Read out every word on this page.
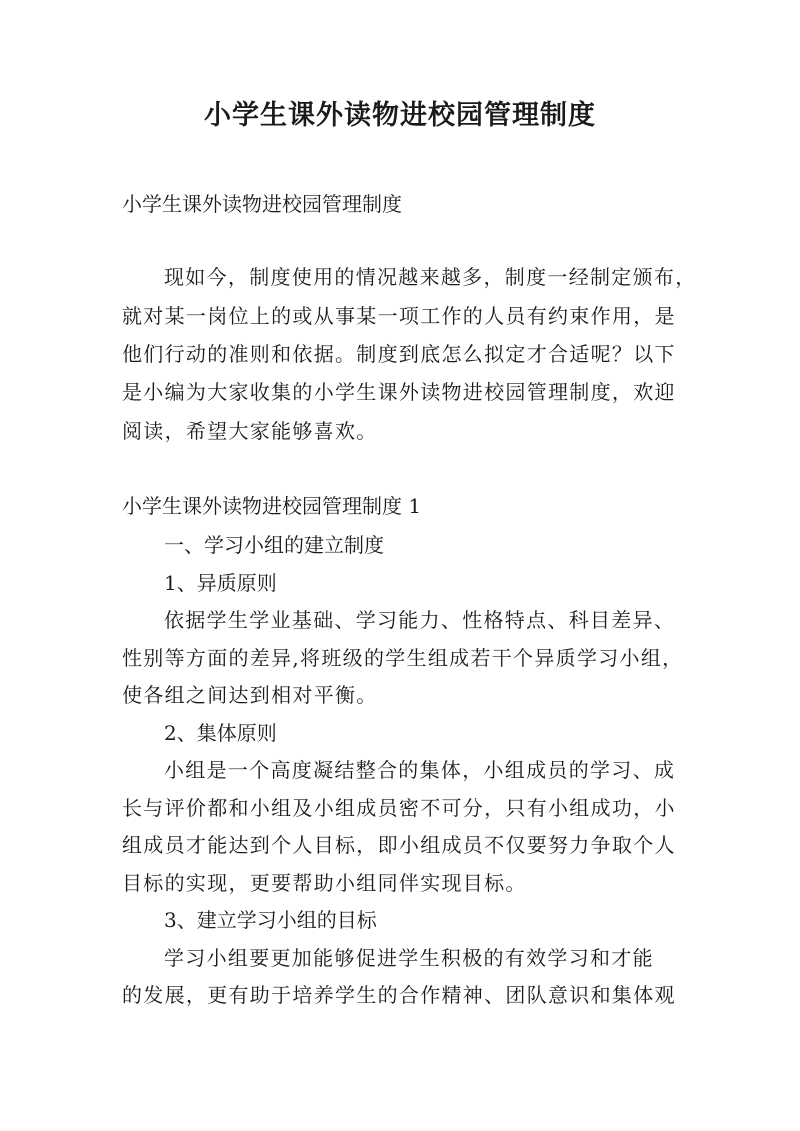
小学生课外读物进校园管理制度

小学生课外读物进校园管理制度

现如今，制度使用的情况越来越多，制度一经制定颁布，

就对某一岗位上的或从事某一项工作的人员有约束作用，是

他们行动的准则和依据。制度到底怎么拟定才合适呢？以下

是小编为大家收集的小学生课外读物进校园管理制度，欢迎

阅读，希望大家能够喜欢。

小学生课外读物进校园管理制度 1

一、学习小组的建立制度

1、异质原则

依据学生学业基础、学习能力、性格特点、科目差异、

性别等方面的差异,将班级的学生组成若干个异质学习小组，

使各组之间达到相对平衡。

2、集体原则

小组是一个高度凝结整合的集体，小组成员的学习、成

长与评价都和小组及小组成员密不可分，只有小组成功，小

组成员才能达到个人目标，即小组成员不仅要努力争取个人

目标的实现，更要帮助小组同伴实现目标。

3、建立学习小组的目标

学习小组要更加能够促进学生积极的有效学习和才能

的发展，更有助于培养学生的合作精神、团队意识和集体观
